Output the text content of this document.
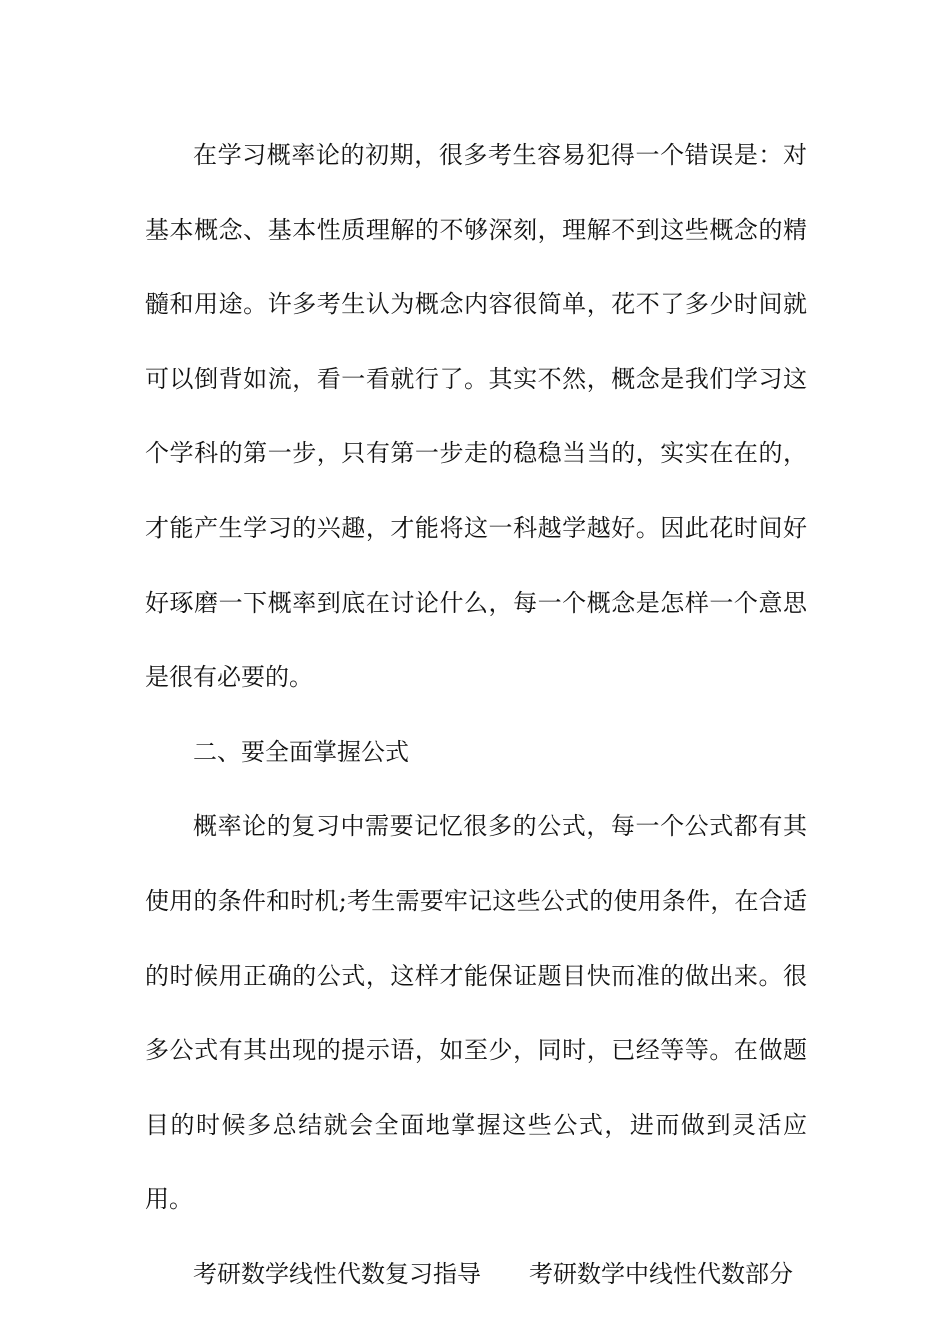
在学习概率论的初期，很多考生容易犯得一个错误是：对基本概念、基本性质理解的不够深刻，理解不到这些概念的精髓和用途。许多考生认为概念内容很简单，花不了多少时间就可以倒背如流，看一看就行了。其实不然，概念是我们学习这个学科的第一步，只有第一步走的稳稳当当的，实实在在的，才能产生学习的兴趣，才能将这一科越学越好。因此花时间好好琢磨一下概率到底在讨论什么，每一个概念是怎样一个意思是很有必要的。

二、要全面掌握公式

概率论的复习中需要记忆很多的公式，每一个公式都有其使用的条件和时机;考生需要牢记这些公式的使用条件，在合适的时候用正确的公式，这样才能保证题目快而准的做出来。很多公式有其出现的提示语，如至少，同时，已经等等。在做题目的时候多总结就会全面地掌握这些公式，进而做到灵活应用。

考研数学线性代数复习指导 考研数学中线性代数部分
